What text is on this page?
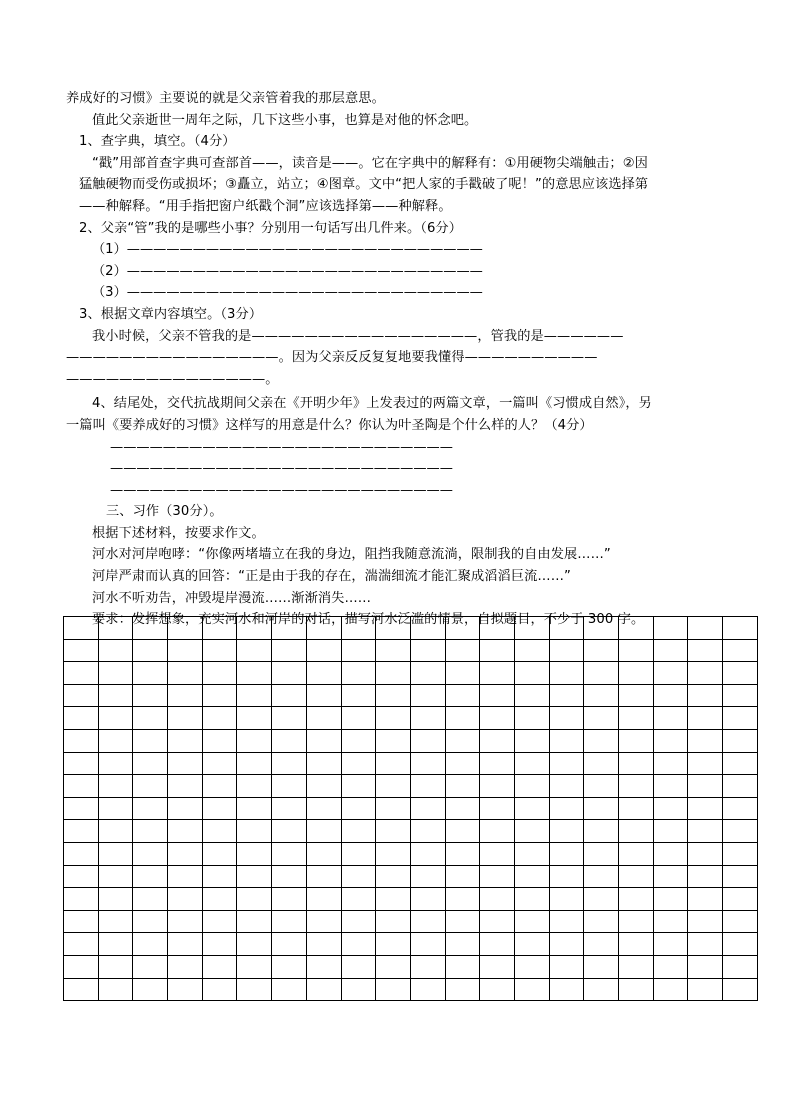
养成好的习惯》主要说的就是父亲管着我的那层意思。
值此父亲逝世一周年之际，几下这些小事，也算是对他的怀念吧。
1、查字典，填空。（4分）
“戳”用部首查字典可查部首——，读音是——。它在字典中的解释有：①用硬物尖端触击；②因
猛触硬物而受伤或损坏；③矗立，站立；④图章。文中“把人家的手戳破了呢！”的意思应该选择第
——种解释。“用手指把窗户纸戳个洞”应该选择第——种解释。
2、父亲“管”我的是哪些小事？分别用一句话写出几件来。（6分）
（1）———————————————————————————
（2）———————————————————————————
（3）———————————————————————————
3、根据文章内容填空。（3分）
我小时候，父亲不管我的是—————————————————，管我的是——————
————————————————。因为父亲反反复复地要我懂得——————————
———————————————。
4、结尾处，交代抗战期间父亲在《开明少年》上发表过的两篇文章，一篇叫《习惯成自然》，另
一篇叫《要养成好的习惯》这样写的用意是什么？你认为叶圣陶是个什么样的人？（4分）
——————————————————————————
——————————————————————————
——————————————————————————
三、习作（30分）。
根据下述材料，按要求作文。
河水对河岸咆哮：“你像两堵墙立在我的身边，阻挡我随意流淌，限制我的自由发展……”
河岸严肃而认真的回答：“正是由于我的存在，湍湍细流才能汇聚成滔滔巨流……”
河水不听劝告，冲毁堤岸漫流……渐渐消失……
要求：发挥想象，充实河水和河岸的对话，描写河水泛滥的情景，自拟题目，不少于 300 字。
